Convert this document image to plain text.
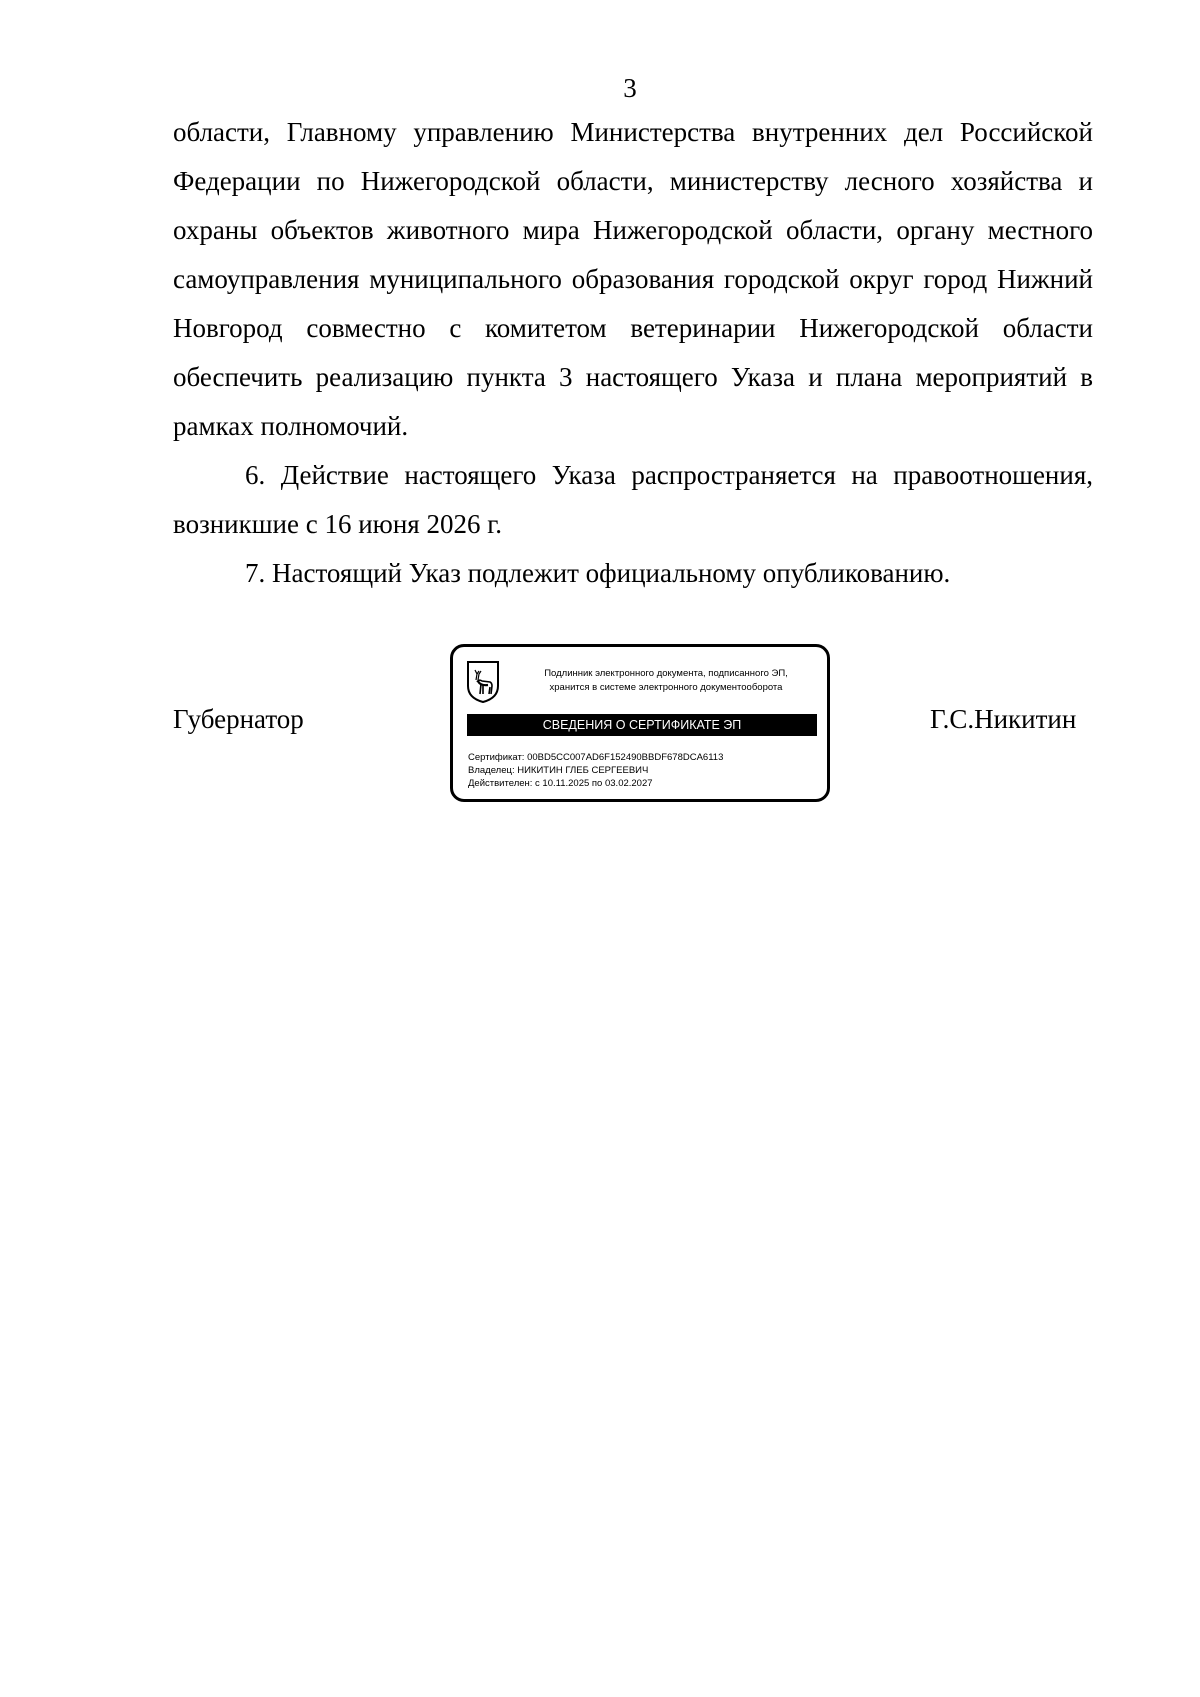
3

области, Главному управлению Министерства внутренних дел Российской Федерации по Нижегородской области, министерству лесного хозяйства и охраны объектов животного мира Нижегородской области, органу местного самоуправления муниципального образования городской округ город Нижний Новгород совместно с комитетом ветеринарии Нижегородской области обеспечить реализацию пункта 3 настоящего Указа и плана мероприятий в рамках полномочий.

6. Действие настоящего Указа распространяется на правоотношения, возникшие с 16 июня 2026 г.

7. Настоящий Указ подлежит официальному опубликованию.

Губернатор
Подлинник электронного документа, подписанного ЭП,
хранится в системе электронного документооборота
СВЕДЕНИЯ О СЕРТИФИКАТЕ ЭП
Сертификат: 00BD5CC007AD6F152490BBDF678DCA6113
Владелец: НИКИТИН ГЛЕБ СЕРГЕЕВИЧ
Действителен: с 10.11.2025 по 03.02.2027
Г.С.Никитин
